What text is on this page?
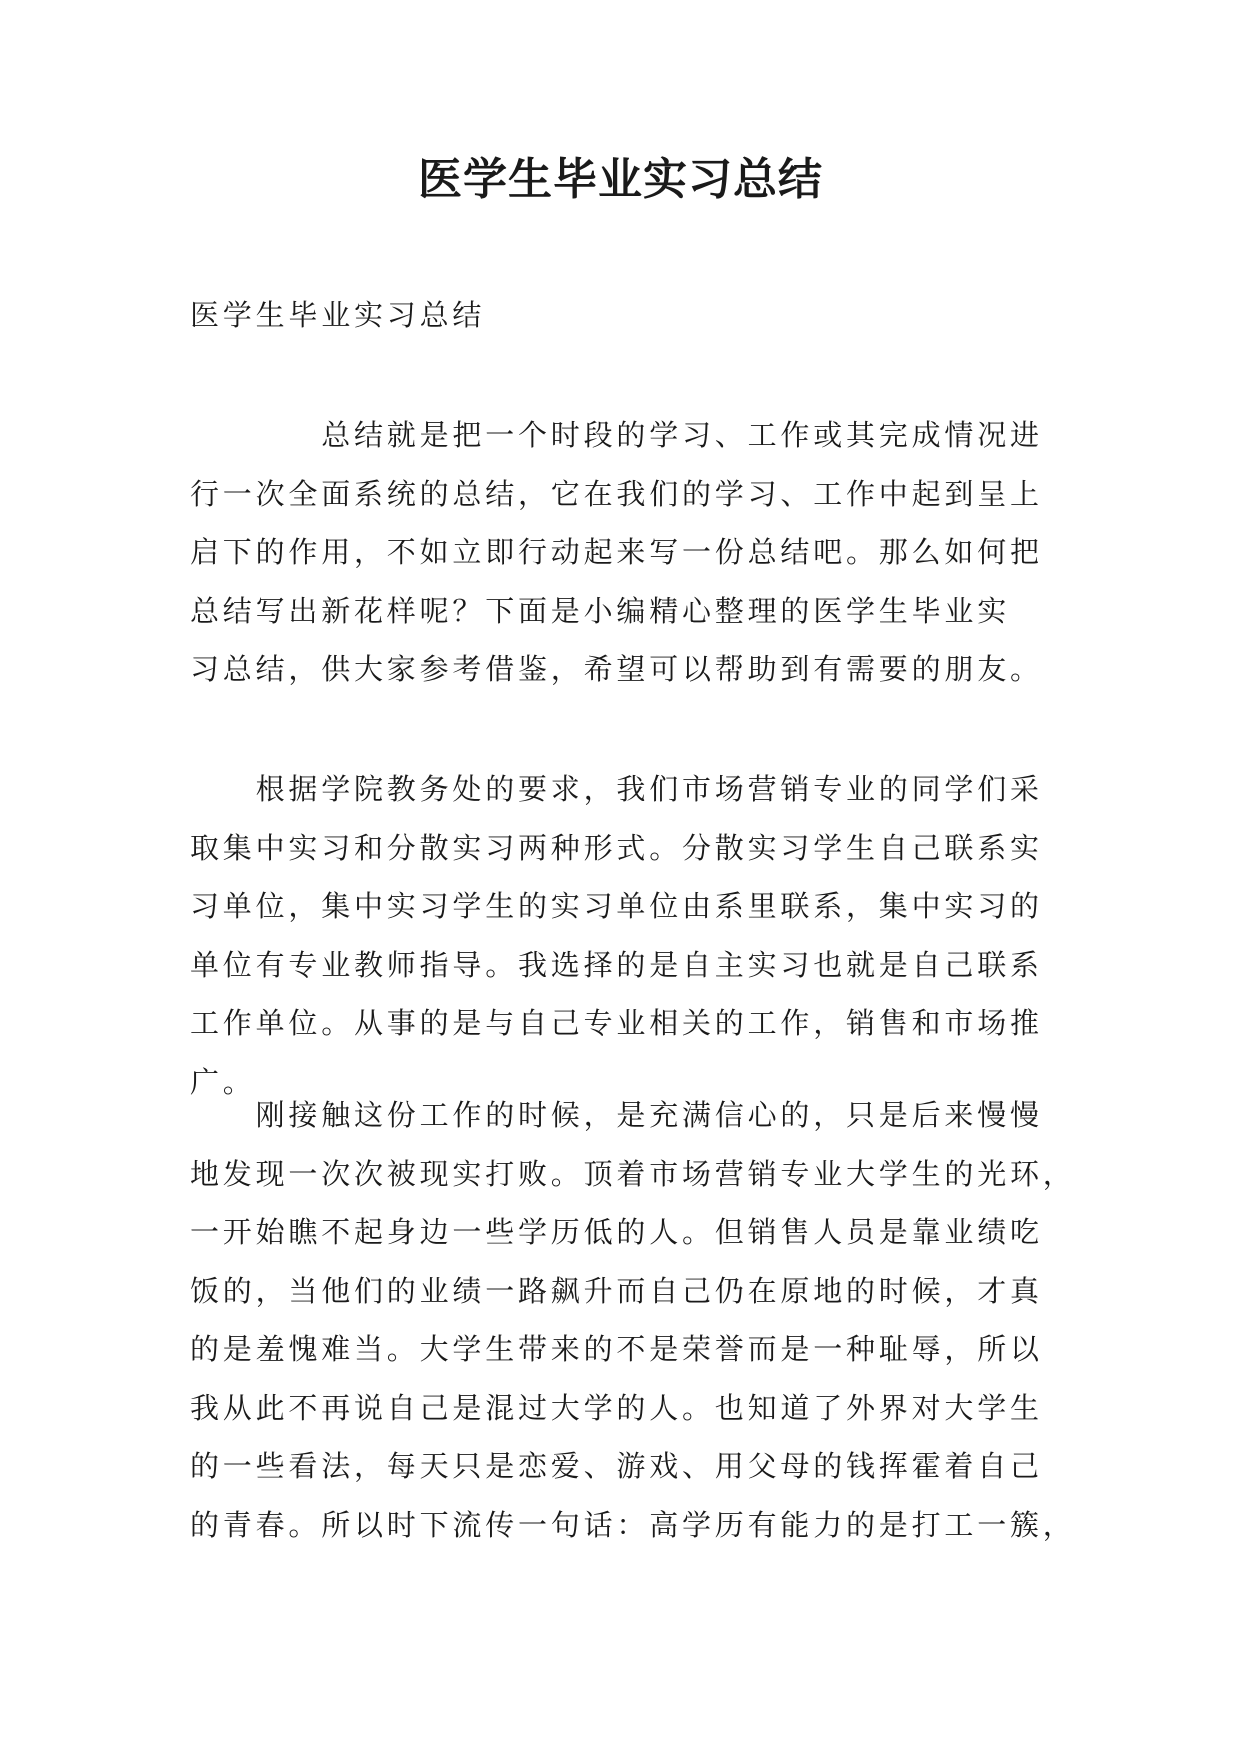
医学生毕业实习总结

医学生毕业实习总结

　　　　总结就是把一个时段的学习、工作或其完成情况进
行一次全面系统的总结，它在我们的学习、工作中起到呈上
启下的作用，不如立即行动起来写一份总结吧。那么如何把
总结写出新花样呢？下面是小编精心整理的医学生毕业实
习总结，供大家参考借鉴，希望可以帮助到有需要的朋友。
　　根据学院教务处的要求，我们市场营销专业的同学们采
取集中实习和分散实习两种形式。分散实习学生自己联系实
习单位，集中实习学生的实习单位由系里联系，集中实习的
单位有专业教师指导。我选择的是自主实习也就是自己联系
工作单位。从事的是与自己专业相关的工作，销售和市场推
广。
　　刚接触这份工作的时候，是充满信心的，只是后来慢慢
地发现一次次被现实打败。顶着市场营销专业大学生的光环，
一开始瞧不起身边一些学历低的人。但销售人员是靠业绩吃
饭的，当他们的业绩一路飙升而自己仍在原地的时候，才真
的是羞愧难当。大学生带来的不是荣誉而是一种耻辱，所以
我从此不再说自己是混过大学的人。也知道了外界对大学生
的一些看法，每天只是恋爱、游戏、用父母的钱挥霍着自己
的青春。所以时下流传一句话：高学历有能力的是打工一簇，
